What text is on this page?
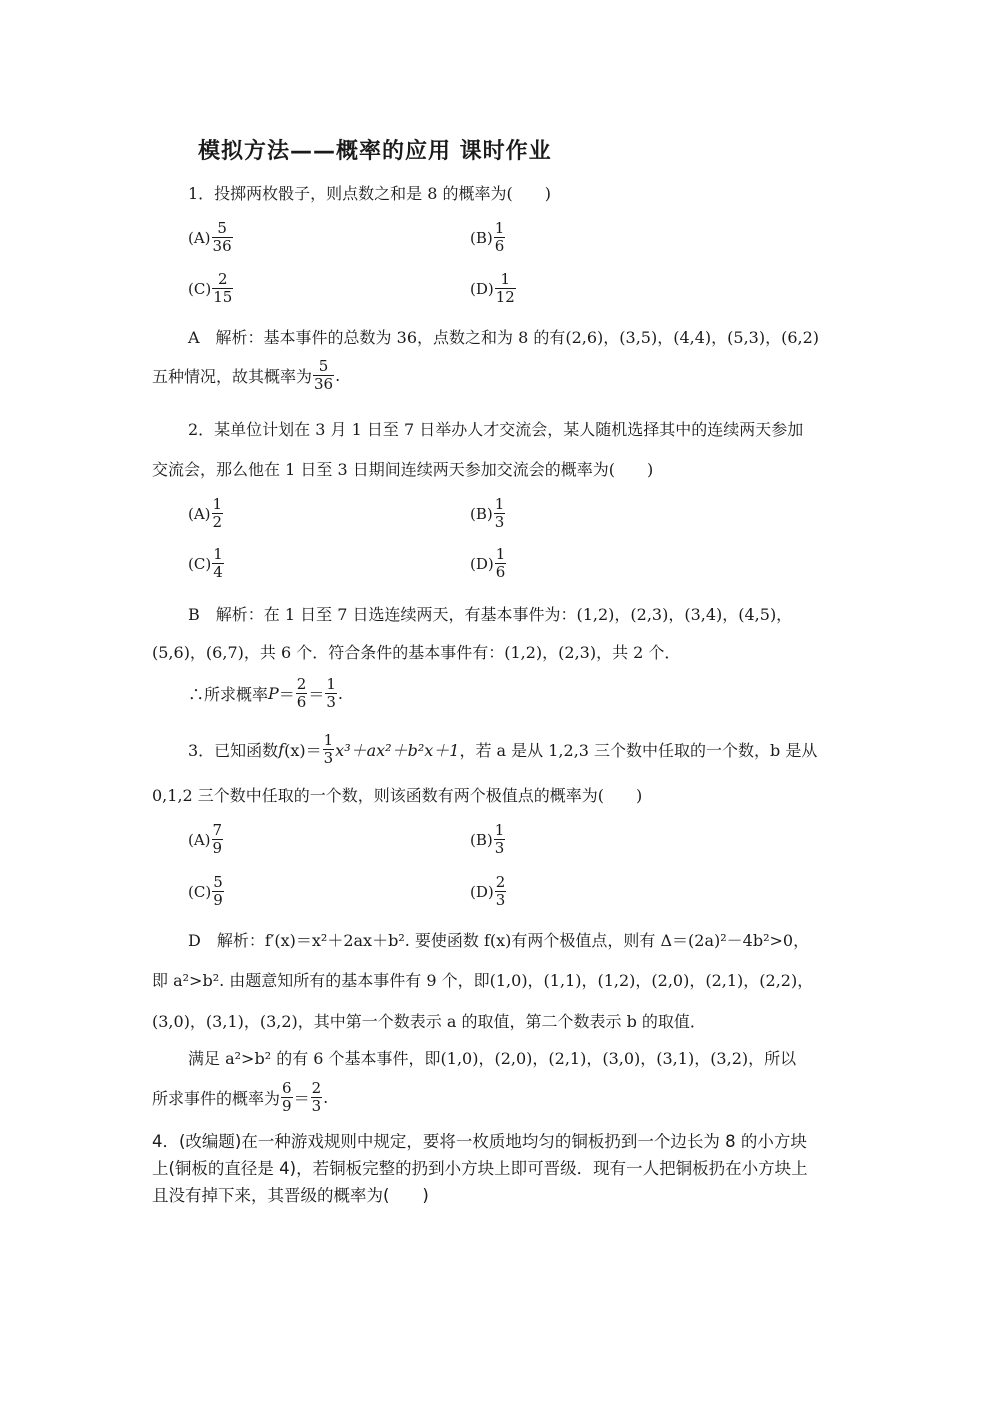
模拟方法——概率的应用 课时作业
1．投掷两枚骰子，则点数之和是 8 的概率为(　　)
$(A) \frac{5}{36}$	$(B) \frac{1}{6}$
$(C) \frac{2}{15}$	$(D) \frac{1}{12}$
A　解析：基本事件的总数为 36，点数之和为 8 的有(2,6)，(3,5)，(4,4)，(5,3)，(6,2)
五种情况，故其概率为 $\frac{5}{36}$ .
2．某单位计划在 3 月 1 日至 7 日举办人才交流会，某人随机选择其中的连续两天参加
交流会，那么他在 1 日至 3 日期间连续两天参加交流会的概率为(　　)
$(A) \frac{1}{2}$	$(B) \frac{1}{3}$
$(C) \frac{1}{4}$	$(D) \frac{1}{6}$
B　解析：在 1 日至 7 日选连续两天，有基本事件为：(1,2)，(2,3)，(3,4)，(4,5)，
(5,6)，(6,7)，共 6 个．符合条件的基本事件有：(1,2)，(2,3)，共 2 个．
∴所求概率 $P = \frac{2}{6} = \frac{1}{3}$ .
3．已知函数 f $(x)= \frac{1}{3} x^3+ax^2+b^2x+1$ ，若 a 是从 1,2,3 三个数中任取的一个数，b 是从
0,1,2 三个数中任取的一个数，则该函数有两个极值点的概率为(　　)
$(A) \frac{7}{9}$	$(B) \frac{1}{3}$
$(C) \frac{5}{9}$	$(D) \frac{2}{3}$
D　解析：f′(x)＝x²＋2ax＋b². 要使函数 f(x)有两个极值点，则有 Δ＝(2a)²－4b²>0，
即 a²>b². 由题意知所有的基本事件有 9 个，即(1,0)，(1,1)，(1,2)，(2,0)，(2,1)，(2,2)，
(3,0)，(3,1)，(3,2)，其中第一个数表示 a 的取值，第二个数表示 b 的取值．
满足 a²>b² 的有 6 个基本事件，即(1,0)，(2,0)，(2,1)，(3,0)，(3,1)，(3,2)，所以
所求事件的概率为 $\frac{6}{9} = \frac{2}{3}$ .
4．(改编题)在一种游戏规则中规定，要将一枚质地均匀的铜板扔到一个边长为 8 的小方块
上(铜板的直径是 4)，若铜板完整的扔到小方块上即可晋级．现有一人把铜板扔在小方块上
且没有掉下来，其晋级的概率为(　　)
